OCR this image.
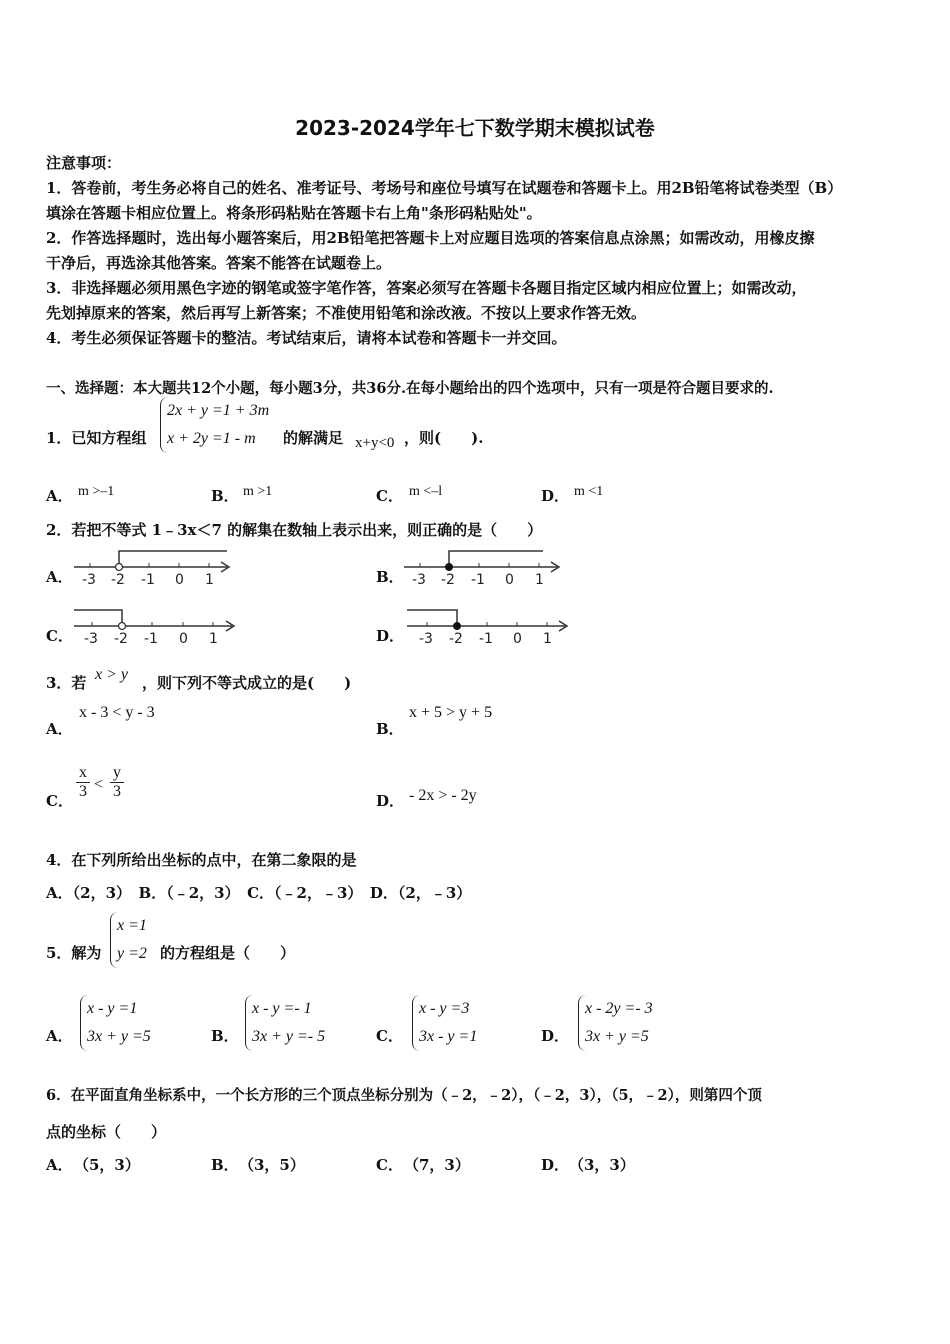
2023-2024学年七下数学期末模拟试卷
注意事项：
1．答卷前，考生务必将自己的姓名、准考证号、考场号和座位号填写在试题卷和答题卡上。用2B铅笔将试卷类型（B）
填涂在答题卡相应位置上。将条形码粘贴在答题卡右上角"条形码粘贴处"。
2．作答选择题时，选出每小题答案后，用2B铅笔把答题卡上对应题目选项的答案信息点涂黑；如需改动，用橡皮擦
干净后，再选涂其他答案。答案不能答在试题卷上。
3．非选择题必须用黑色字迹的钢笔或签字笔作答，答案必须写在答题卡各题目指定区域内相应位置上；如需改动，
先划掉原来的答案，然后再写上新答案；不准使用铅笔和涂改液。不按以上要求作答无效。
4．考生必须保证答题卡的整洁。考试结束后，请将本试卷和答题卡一并交回。
一、选择题：本大题共12个小题，每小题3分，共36分.在每小题给出的四个选项中，只有一项是符合题目要求的.
1．已知方程组
2x + y =1 + 3m
x + 2y =1 - m	的解满足 x+y<0 ，则(　　).
A． m >–1	B． m >1	C． m <–l	D． m <1
2．若把不等式 1﹣3x＜7 的解集在数轴上表示出来，则正确的是（　　）
A． -3 -2 -1 0 1	B． -3 -2 -1 0 1
C． -3 -2 -1 0 1	D． -3 -2 -1 0 1
3．若 x > y ，则下列不等式成立的是(　　)
A．
x - 3 < y - 3
B．
x + 5 > y + 5
C． $\frac{x}{3} < \frac{y}{3}$	D． - 2x > - 2y
4．在下列所给出坐标的点中，在第二象限的是
A．（2，3）　B．（﹣2，3）　C．（﹣2，﹣3）　D．（2，﹣3）
5．解为
x =1
y =2 的方程组是（　　）
A．
x - y =1
3x + y =5	B．
x - y =- 1
3x + y =- 5	C．
x - y =3
3x - y =1	D．
x - 2y =- 3
3x + y =5
6．在平面直角坐标系中，一个长方形的三个顶点坐标分别为（﹣2，﹣2），（﹣2，3），（5，﹣2），则第四个顶
点的坐标（　　）
A． （5，3）	B． （3，5）	C． （7，3）	D． （3，3）
